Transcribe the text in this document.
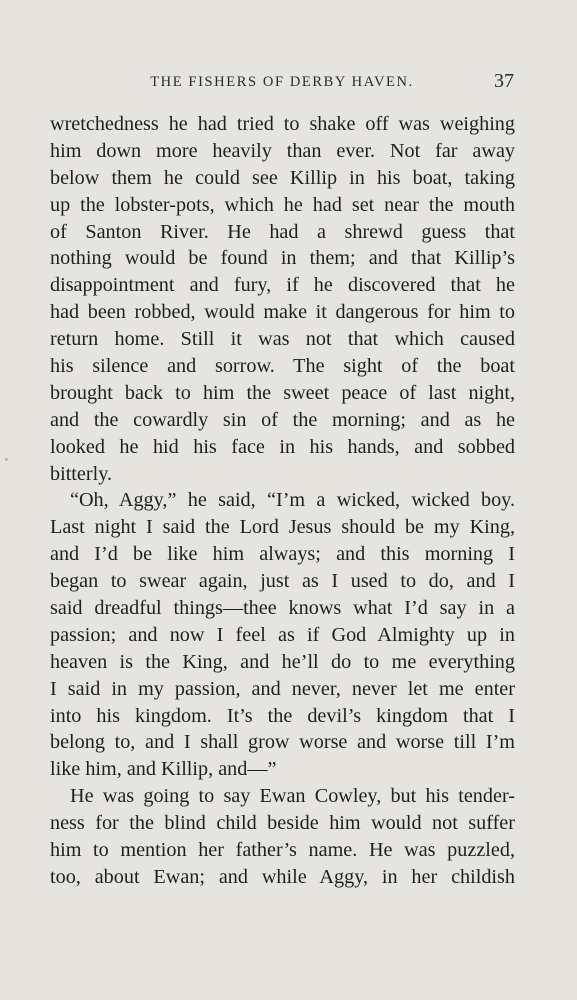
THE FISHERS OF DERBY HAVEN.	37
wretchedness he had tried to shake off was weighing
him down more heavily than ever. Not far away
below them he could see Killip in his boat, taking
up the lobster-pots, which he had set near the mouth
of Santon River. He had a shrewd guess that
nothing would be found in them; and that Killip’s
disappointment and fury, if he discovered that he
had been robbed, would make it dangerous for him to
return home. Still it was not that which caused
his silence and sorrow. The sight of the boat
brought back to him the sweet peace of last night,
and the cowardly sin of the morning; and as he
looked he hid his face in his hands, and sobbed
bitterly.
“Oh, Aggy,” he said, “I’m a wicked, wicked boy.
Last night I said the Lord Jesus should be my King,
and I’d be like him always; and this morning I
began to swear again, just as I used to do, and I
said dreadful things—thee knows what I’d say in a
passion; and now I feel as if God Almighty up in
heaven is the King, and he’ll do to me everything
I said in my passion, and never, never let me enter
into his kingdom. It’s the devil’s kingdom that I
belong to, and I shall grow worse and worse till I’m
like him, and Killip, and—”
He was going to say Ewan Cowley, but his tender-
ness for the blind child beside him would not suffer
him to mention her father’s name. He was puzzled,
too, about Ewan; and while Aggy, in her childish
